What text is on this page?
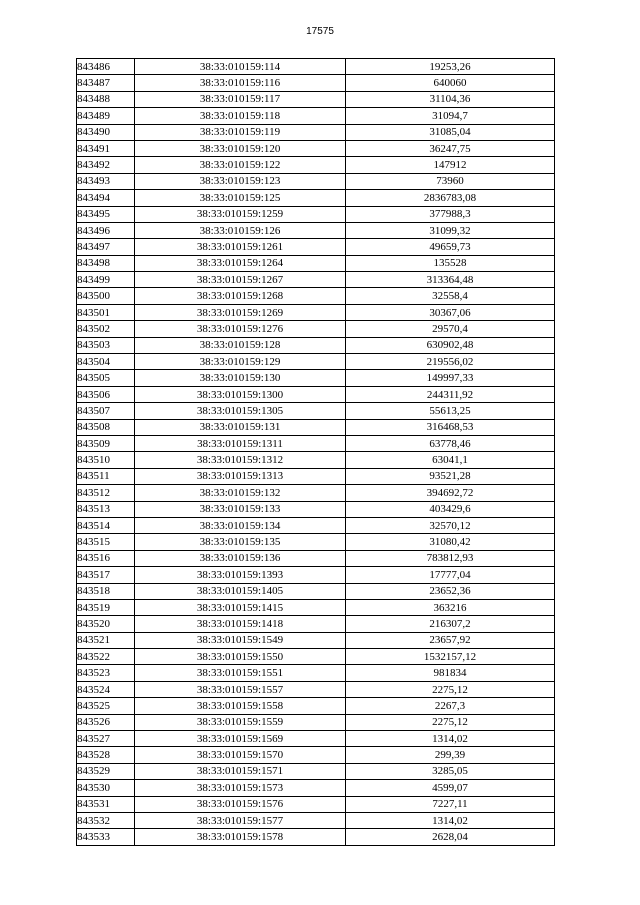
17575
843486	38:33:010159:114	19253,26
843487	38:33:010159:116	640060
843488	38:33:010159:117	31104,36
843489	38:33:010159:118	31094,7
843490	38:33:010159:119	31085,04
843491	38:33:010159:120	36247,75
843492	38:33:010159:122	147912
843493	38:33:010159:123	73960
843494	38:33:010159:125	2836783,08
843495	38:33:010159:1259	377988,3
843496	38:33:010159:126	31099,32
843497	38:33:010159:1261	49659,73
843498	38:33:010159:1264	135528
843499	38:33:010159:1267	313364,48
843500	38:33:010159:1268	32558,4
843501	38:33:010159:1269	30367,06
843502	38:33:010159:1276	29570,4
843503	38:33:010159:128	630902,48
843504	38:33:010159:129	219556,02
843505	38:33:010159:130	149997,33
843506	38:33:010159:1300	244311,92
843507	38:33:010159:1305	55613,25
843508	38:33:010159:131	316468,53
843509	38:33:010159:1311	63778,46
843510	38:33:010159:1312	63041,1
843511	38:33:010159:1313	93521,28
843512	38:33:010159:132	394692,72
843513	38:33:010159:133	403429,6
843514	38:33:010159:134	32570,12
843515	38:33:010159:135	31080,42
843516	38:33:010159:136	783812,93
843517	38:33:010159:1393	17777,04
843518	38:33:010159:1405	23652,36
843519	38:33:010159:1415	363216
843520	38:33:010159:1418	216307,2
843521	38:33:010159:1549	23657,92
843522	38:33:010159:1550	1532157,12
843523	38:33:010159:1551	981834
843524	38:33:010159:1557	2275,12
843525	38:33:010159:1558	2267,3
843526	38:33:010159:1559	2275,12
843527	38:33:010159:1569	1314,02
843528	38:33:010159:1570	299,39
843529	38:33:010159:1571	3285,05
843530	38:33:010159:1573	4599,07
843531	38:33:010159:1576	7227,11
843532	38:33:010159:1577	1314,02
843533	38:33:010159:1578	2628,04
